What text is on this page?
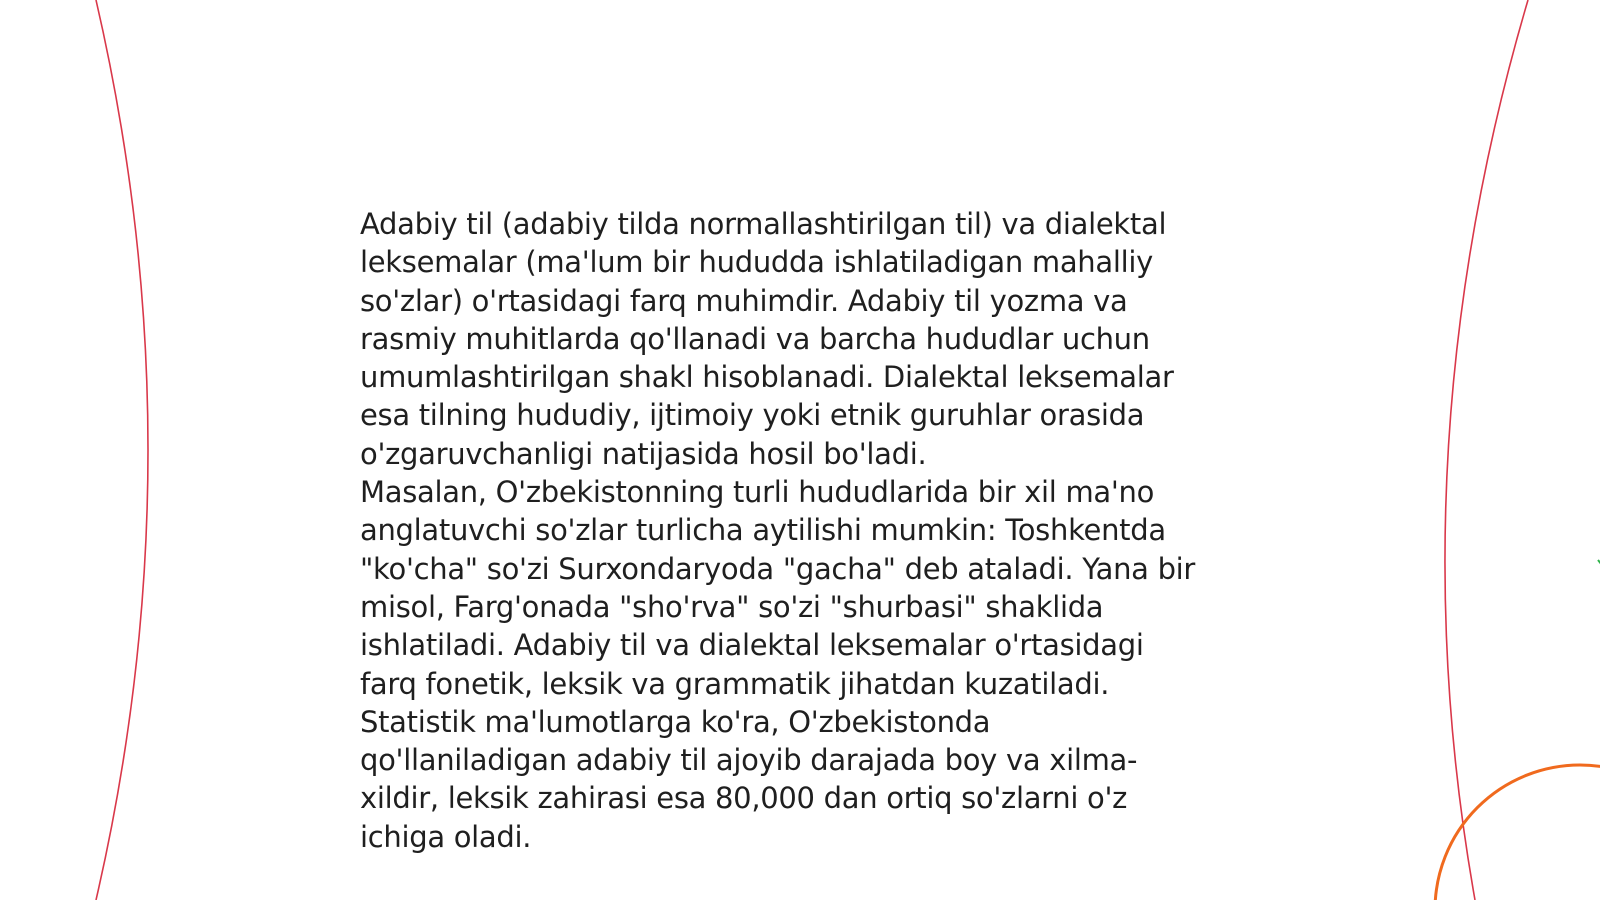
Adabiy til (adabiy tilda normallashtirilgan til) va dialektal
leksemalar (ma'lum bir hududda ishlatiladigan mahalliy
so'zlar) o'rtasidagi farq muhimdir. Adabiy til yozma va
rasmiy muhitlarda qo'llanadi va barcha hududlar uchun
umumlashtirilgan shakl hisoblanadi. Dialektal leksemalar
esa tilning hududiy, ijtimoiy yoki etnik guruhlar orasida
o'zgaruvchanligi natijasida hosil bo'ladi.

Masalan, O'zbekistonning turli hududlarida bir xil ma'no
anglatuvchi so'zlar turlicha aytilishi mumkin: Toshkentda
"ko'cha" so'zi Surxondaryoda "gacha" deb ataladi. Yana bir
misol, Farg'onada "sho'rva" so'zi "shurbasi" shaklida
ishlatiladi. Adabiy til va dialektal leksemalar o'rtasidagi
farq fonetik, leksik va grammatik jihatdan kuzatiladi.

Statistik ma'lumotlarga ko'ra, O'zbekistonda
qo'llaniladigan adabiy til ajoyib darajada boy va xilma-
xildir, leksik zahirasi esa 80,000 dan ortiq so'zlarni o'z
ichiga oladi.
